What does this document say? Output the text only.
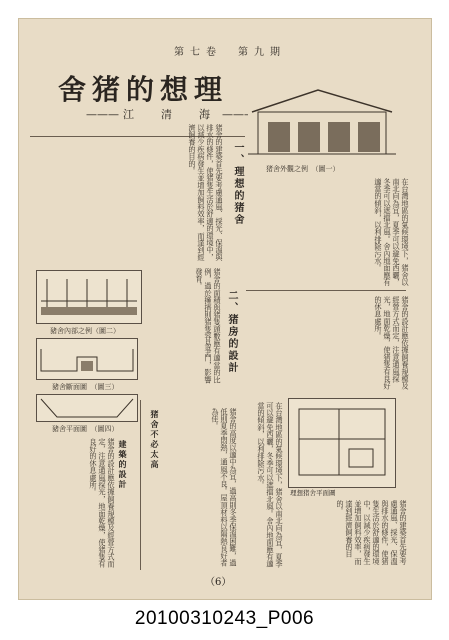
第七卷　第九期
舍猪的想理
——— 江　清　海 ———
猪舍外觀之例　（圖一）
一、理想的猪舍
二、猪房的設計
猪舍的建築首先要考慮通風、採光、保溫與排水的條件，使猪隻生活於舒適的環境中，以減少疾病發生並增加飼料效率，而達到經濟飼養的目的。
在台灣地區的氣候環境下，猪舍以南北向為宜，夏季可以避免西曬，冬季可以遮擋北風。舍內地面應有適當的傾斜，以利排除污水。
猪舍的設計應依據飼養規模及經營方式而定，注意通風採光，地面乾燥，使猪隻有良好的休息處所。
猪舍的面積與猪隻頭數應有適當的比例，過於擁擠則猪隻容易爭鬥，影響發育。
豬舍內部之例（圖二）
豬舍斷面圖　（圖三）
豬舍平面圖　（圖四）	猪舍不必太高	猪舍的高度以適中為宜，過高則冬季保溫困難，過低則夏季悶熱，通風不良。屋頂材料以隔熱良好者為佳。
建築的設計
猪舍的設計應依據飼養規模及經營方式而定，注意通風採光，地面乾燥，使猪隻有良好的休息處所。	理想猪舍平面圖
在台灣地區的氣候環境下，猪舍以南北向為宜，夏季可以避免西曬，冬季可以遮擋北風。舍內地面應有適當的傾斜，以利排除污水。
猪舍的建築首先要考慮通風、採光、保溫與排水的條件，使猪隻生活於舒適的環境中，以減少疾病發生並增加飼料效率，而達到經濟飼養的目的。
（6）
20100310243_P006
